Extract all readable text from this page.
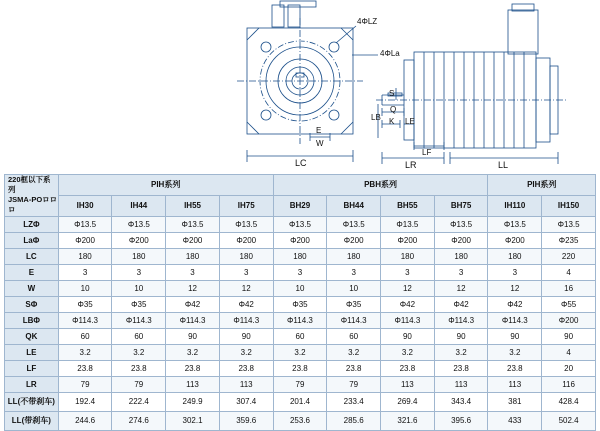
4ΦLZ
4ΦLa
LC
E
W
S
Q
K LE
LB
LF
LR	LL
220框以下系列
JSMA-PΟロロロ	PIH系列				PBH系列				PIH系列	
	IH30	IH44	IH55	IH75	BH29	BH44	BH55	BH75	IH110	IH150
LZΦ	Φ13.5	Φ13.5	Φ13.5	Φ13.5	Φ13.5	Φ13.5	Φ13.5	Φ13.5	Φ13.5	Φ13.5
LaΦ	Φ200	Φ200	Φ200	Φ200	Φ200	Φ200	Φ200	Φ200	Φ200	Φ235
LC	180	180	180	180	180	180	180	180	180	220
E	3	3	3	3	3	3	3	3	3	4
W	10	10	12	12	10	10	12	12	12	16
SΦ	Φ35	Φ35	Φ42	Φ42	Φ35	Φ35	Φ42	Φ42	Φ42	Φ55
LBΦ	Φ114.3	Φ114.3	Φ114.3	Φ114.3	Φ114.3	Φ114.3	Φ114.3	Φ114.3	Φ114.3	Φ200
QK	60	60	90	90	60	60	90	90	90	90
LE	3.2	3.2	3.2	3.2	3.2	3.2	3.2	3.2	3.2	4
LF	23.8	23.8	23.8	23.8	23.8	23.8	23.8	23.8	23.8	20
LR	79	79	113	113	79	79	113	113	113	116
LL(不带刹车)	192.4	222.4	249.9	307.4	201.4	233.4	269.4	343.4	381	428.4
LL(带刹车)	244.6	274.6	302.1	359.6	253.6	285.6	321.6	395.6	433	502.4
